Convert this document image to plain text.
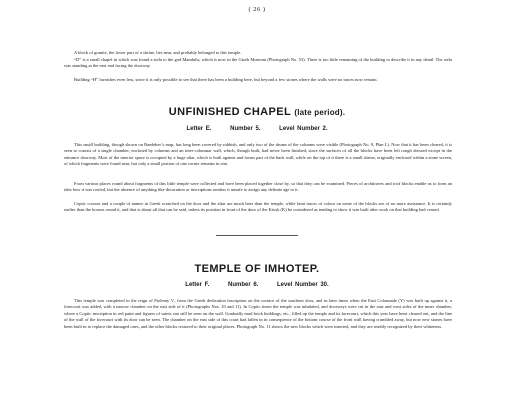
( 26 )

A block of granite, the lower part of a shrine, lies near, and probably belonged to this temple.

“D” is a small chapel in which was found a stela to the god Mandulis, which is now in the Gizeh Museum (Photograph No. 53). There is too little remaining of the building to describe it in any detail. The stela was standing at the east end facing the doorway.

Building “H” furnishes even less, since it is only possible to see that there has been a building here, but beyond a few stones where the walls were no traces now remain.

UNFINISHED CHAPEL (late period).
Letter E.	Number 5.	Level Number 2.

This small building, though shown on Baedeker’s map, has long been covered by rubbish, and only two of the drums of the columns were visible (Photograph No. 9, Plan I.). Now that it has been cleared, it is seen to consist of a single chamber, enclosed by columns and an inter-columnar wall, which, though built, had never been finished, since the surfaces of all the blocks have been left rough dressed except in the entrance doorway. Most of the interior space is occupied by a huge altar, which is built against and forms part of the back wall, while on the top of it there is a small shrine, originally enclosed within a stone screen, of which fragments were found near, but only a small portion of one corner remains in situ.

From various places round about fragments of this little temple were collected and have been placed together close by, so that they can be examined. Pieces of architraves and roof blocks enable us to form an idea how it was roofed, but the absence of anything like decoration or inscriptions renders it unsafe to assign any definite age to it.

Coptic crosses and a couple of names in Greek scratched on the door and the altar are much later than the temple, while faint traces of colour on some of the blocks are of no more assistance. It is certainly earlier than the houses round it, and that is about all that can be said, unless its position in front of the door of the Kiosk (K) be considered as tending to show it was built after work on that building had ceased.

TEMPLE OF IMHOTEP.
Letter F.	Number 6.	Level Number 30.

This temple was completed in the reign of Ptolemy V., from the Greek dedication inscription on the cornice of the southern door, and in later times when the East Colonnade (Y) was built up against it, a forecourt was added, with a narrow chamber on the east side of it (Photographs Nos. 10 and 11). In Coptic times the temple was inhabited, and doorways were cut in the east and west sides of the inner chamber, where a Coptic inscription in red paint and figures of saints can still be seen on the wall. Gradually mud brick buildings, etc., filled up the temple and its forecourt, which this year have been cleared out, and the line of the wall of the forecourt with its door can be seen. The chamber on the east side of this court had fallen in in consequence of the bottom course of the front wall having crumbled away, but now new stones have been built in to replace the damaged ones, and the other blocks restored to their original places. Photograph No. 11 shows the new blocks which were inserted, and they are readily recognized by their whiteness.
